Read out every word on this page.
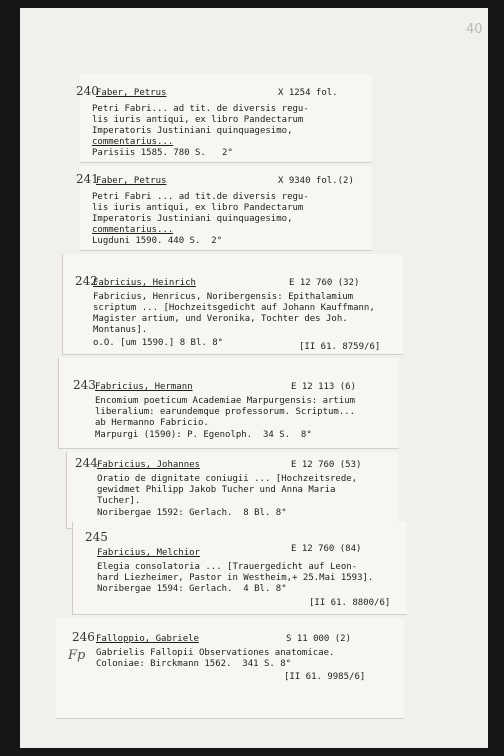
40
240
Faber, Petrus	X 1254 fol.
Petri Fabri... ad tit. de diversis regu-
lis iuris antiqui, ex libro Pandectarum
Imperatoris Justiniani quinquagesimo,
commentarius...
Parisiis 1585. 780 S.   2°
241
Faber, Petrus	X 9340 fol.(2)
Petri Fabri ... ad tit.de diversis regu-
lis iuris antiqui, ex libro Pandectarum
Imperatoris Justiniani quinquagesimo,
commentarius...
Lugduni 1590. 440 S.  2°
242
Fabricius, Heinrich	E 12 760 (32)
Fabricius, Henricus, Noribergensis: Epithalamium
scriptum ... [Hochzeitsgedicht auf Johann Kauffmann,
Magister artium, und Veronika, Tochter des Joh.
Montanus].
o.O. [um 1590.] 8 Bl. 8°	[II 61. 8759/6]
243 Fabricius, Hermann	E 12 113 (6)
Encomium poeticum Academiae Marpurgensis: artium
liberalium: earundemque professorum. Scriptum...
ab Hermanno Fabricio.
Marpurgi (1590): P. Egenolph.  34 S.  8°
244 Fabricius, Johannes	E 12 760 (53)
Oratio de dignitate coniugii ... [Hochzeitsrede,
gewidmet Philipp Jakob Tucher und Anna Maria
Tucher].
Noribergae 1592: Gerlach.  8 Bl. 8°
245
Fabricius, Melchior	E 12 760 (84)
Elegia consolatoria ... [Trauergedicht auf Leon-
hard Liezheimer, Pastor in Westheim,+ 25.Mai 1593].
Noribergae 1594: Gerlach.  4 Bl. 8°
[II 61. 8800/6]
246 Falloppio, Gabriele	S 11 000 (2)
Gabrielis Fallopii Observationes anatomicae.
Coloniae: Birckmann 1562.  341 S. 8°
[II 61. 9985/6]
Fp
